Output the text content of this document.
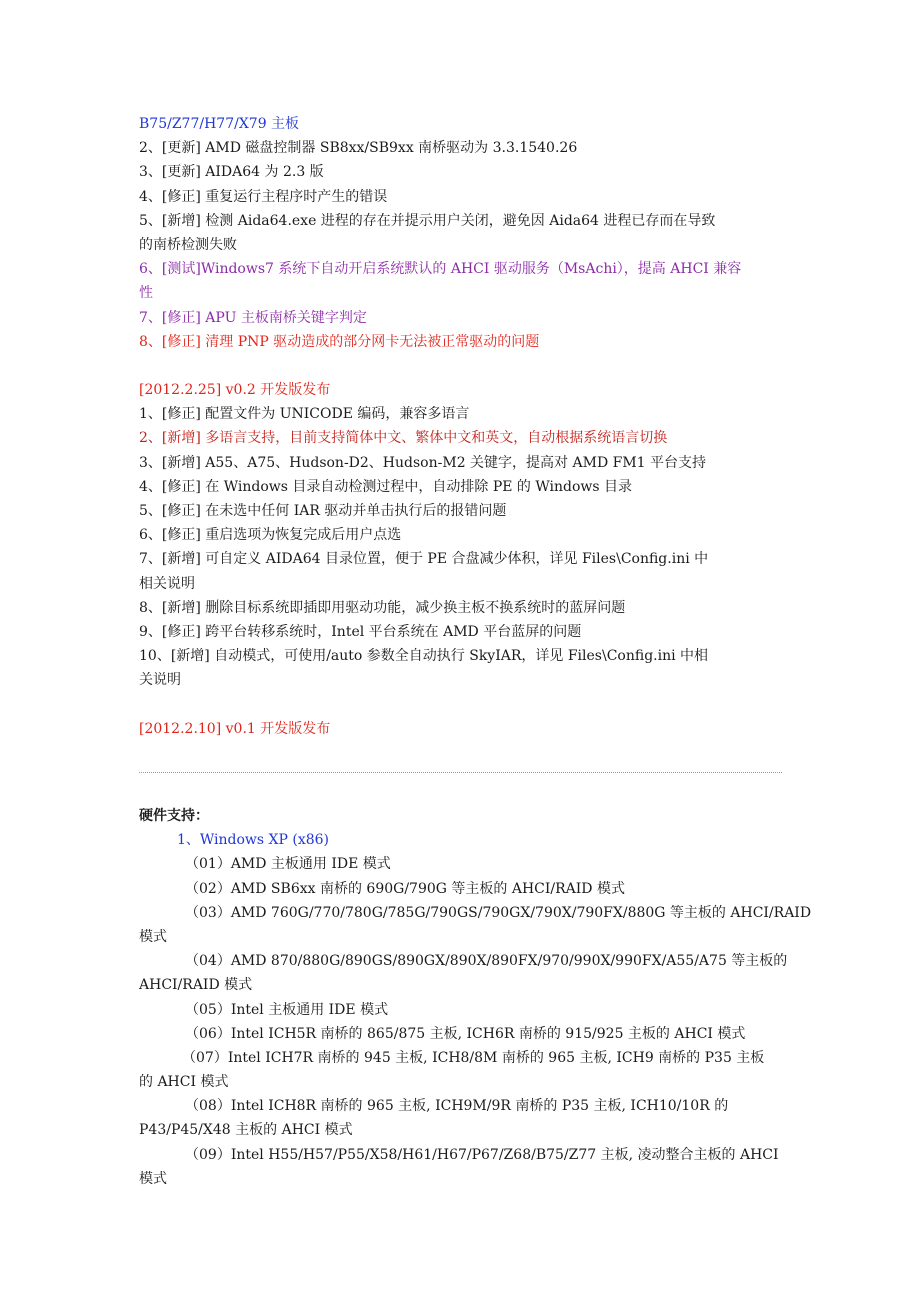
B75/Z77/H77/X79 主板
2、[更新] AMD 磁盘控制器 SB8xx/SB9xx 南桥驱动为 3.3.1540.26
3、[更新] AIDA64 为 2.3 版
4、[修正] 重复运行主程序时产生的错误
5、[新增] 检测 Aida64.exe 进程的存在并提示用户关闭，避免因 Aida64 进程已存而在导致
的南桥检测失败
6、[测试]Windows7 系统下自动开启系统默认的 AHCI 驱动服务（MsAchi），提高 AHCI 兼容
性
7、[修正] APU 主板南桥关键字判定
8、[修正] 清理 PNP 驱动造成的部分网卡无法被正常驱动的问题
[2012.2.25] v0.2 开发版发布
1、[修正] 配置文件为 UNICODE 编码，兼容多语言
2、[新增] 多语言支持，目前支持简体中文、繁体中文和英文，自动根据系统语言切换
3、[新增] A55、A75、Hudson-D2、Hudson-M2 关键字，提高对 AMD FM1 平台支持
4、[修正] 在 Windows 目录自动检测过程中，自动排除 PE 的 Windows 目录
5、[修正] 在未选中任何 IAR 驱动并单击执行后的报错问题
6、[修正] 重启选项为恢复完成后用户点选
7、[新增] 可自定义 AIDA64 目录位置，便于 PE 合盘减少体积，详见 Files\Config.ini 中
相关说明
8、[新增] 删除目标系统即插即用驱动功能，减少换主板不换系统时的蓝屏问题
9、[修正] 跨平台转移系统时，Intel 平台系统在 AMD 平台蓝屏的问题
10、[新增] 自动模式，可使用/auto 参数全自动执行 SkyIAR，详见 Files\Config.ini 中相
关说明
[2012.2.10] v0.1 开发版发布
硬件支持：
1、Windows XP (x86)
（01）AMD 主板通用 IDE 模式
（02）AMD SB6xx 南桥的 690G/790G 等主板的 AHCI/RAID 模式
（03）AMD 760G/770/780G/785G/790GS/790GX/790X/790FX/880G 等主板的 AHCI/RAID
模式
（04）AMD 870/880G/890GS/890GX/890X/890FX/970/990X/990FX/A55/A75 等主板的
AHCI/RAID 模式
（05）Intel 主板通用 IDE 模式
（06）Intel ICH5R 南桥的 865/875 主板, ICH6R 南桥的 915/925 主板的 AHCI 模式
（07）Intel ICH7R 南桥的 945 主板, ICH8/8M 南桥的 965 主板, ICH9 南桥的 P35 主板
的 AHCI 模式
（08）Intel ICH8R 南桥的 965 主板, ICH9M/9R 南桥的 P35 主板, ICH10/10R 的
P43/P45/X48 主板的 AHCI 模式
（09）Intel H55/H57/P55/X58/H61/H67/P67/Z68/B75/Z77 主板, 凌动整合主板的 AHCI
模式
